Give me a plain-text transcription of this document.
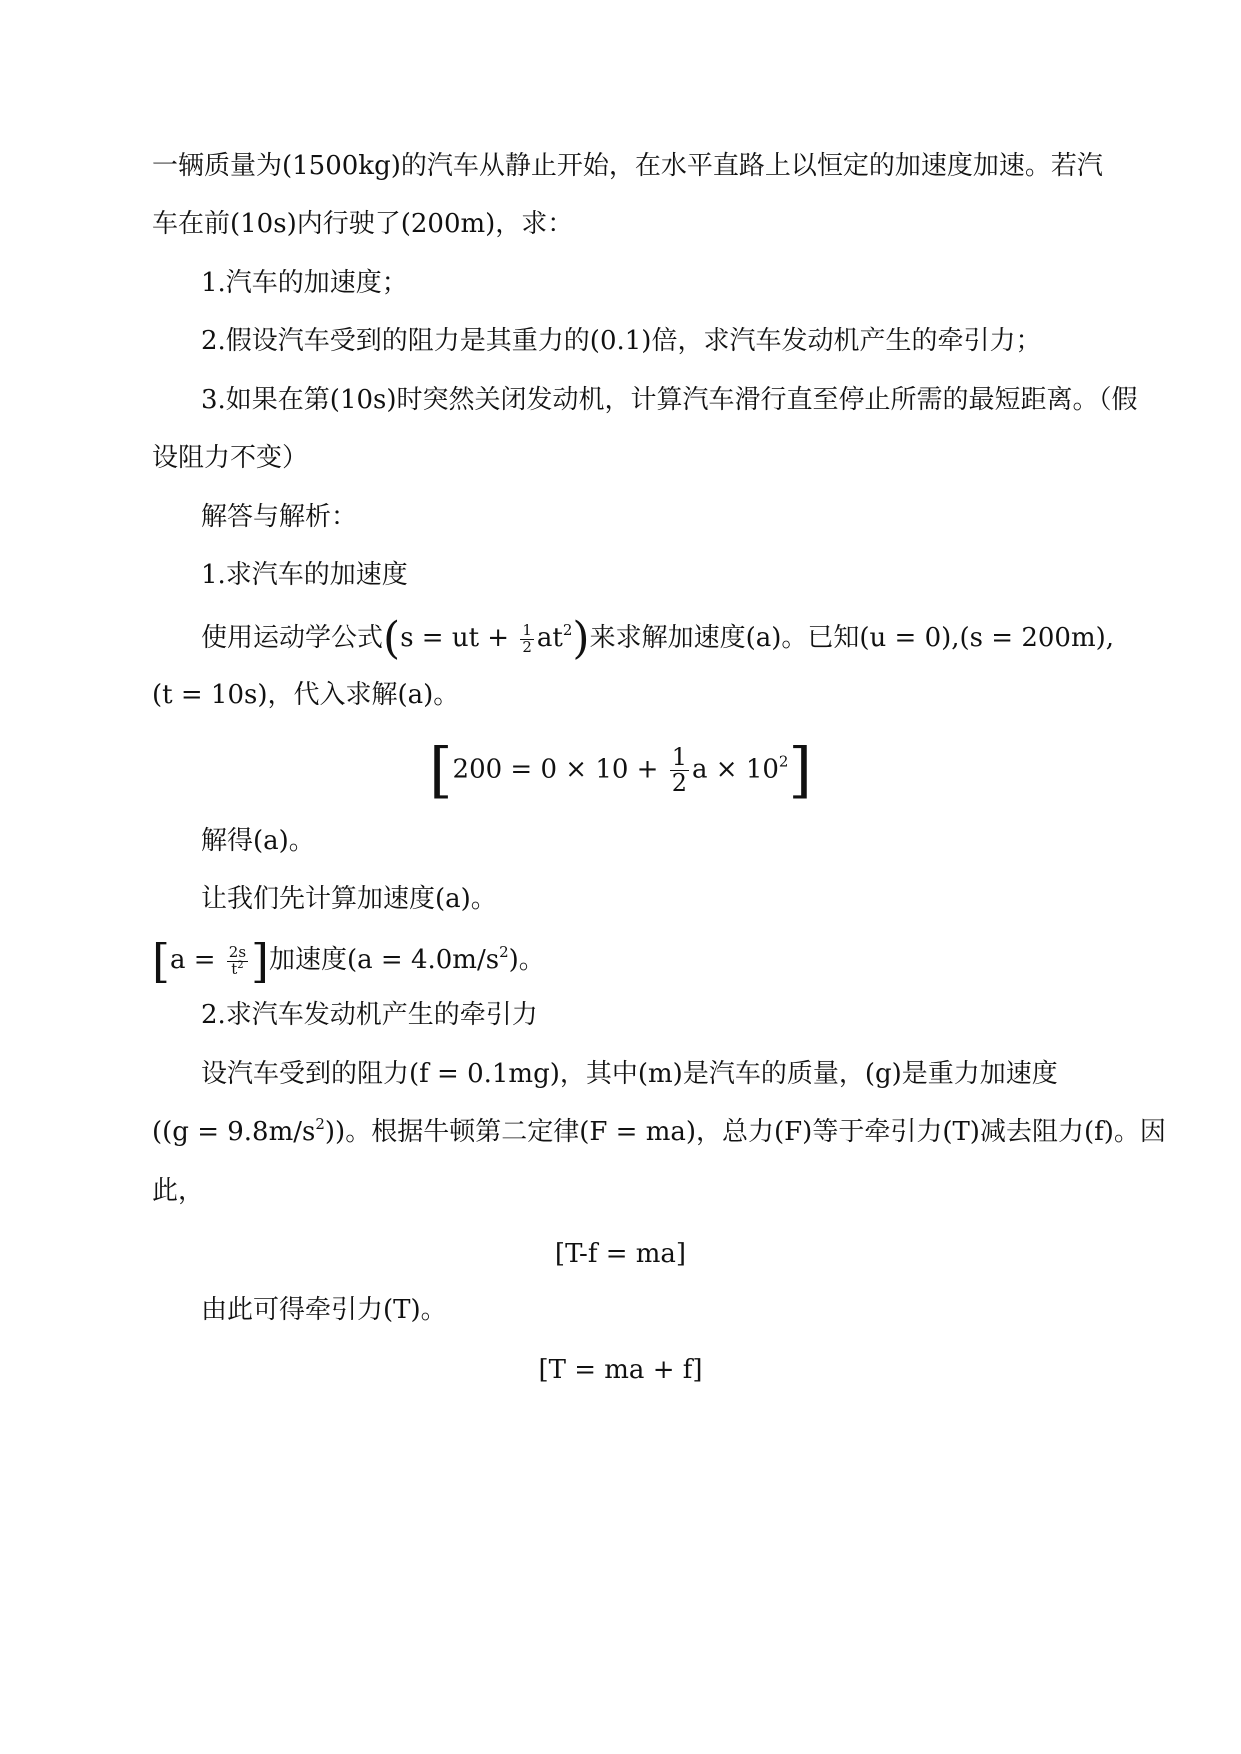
一辆质量为(1500kg)的汽车从静止开始，在水平直路上以恒定的加速度加速。若汽
车在前(10s)内行驶了(200m)，求：
1.汽车的加速度；
2.假设汽车受到的阻力是其重力的(0.1)倍，求汽车发动机产生的牵引力；
3.如果在第(10s)时突然关闭发动机，计算汽车滑行直至停止所需的最短距离。（假
设阻力不变）
解答与解析：
1.求汽车的加速度
使用运动学公式(s = ut + $\frac{1}{2} at^2$)来求解加速度(a)。已知(u = 0),(s = 200m),
(t = 10s)，代入求解(a)。
[$200 = 0 \times 10 + \frac{1}{2}$ $a \times 10^2$]
解得(a)。
让我们先计算加速度(a)。
[$a = \frac{2s}{t^2}$ ]加速度$(a = 4.0m/s^2)$。
2.求汽车发动机产生的牵引力
设汽车受到的阻力(f = 0.1mg)，其中(m)是汽车的质量，(g)是重力加速度
$((g = 9.8m/s^2))$。根据牛顿第二定律(F = ma)，总力(F)等于牵引力(T)减去阻力(f)。因
此，
[T-f = ma]
由此可得牵引力(T)。
[T = ma + f]
